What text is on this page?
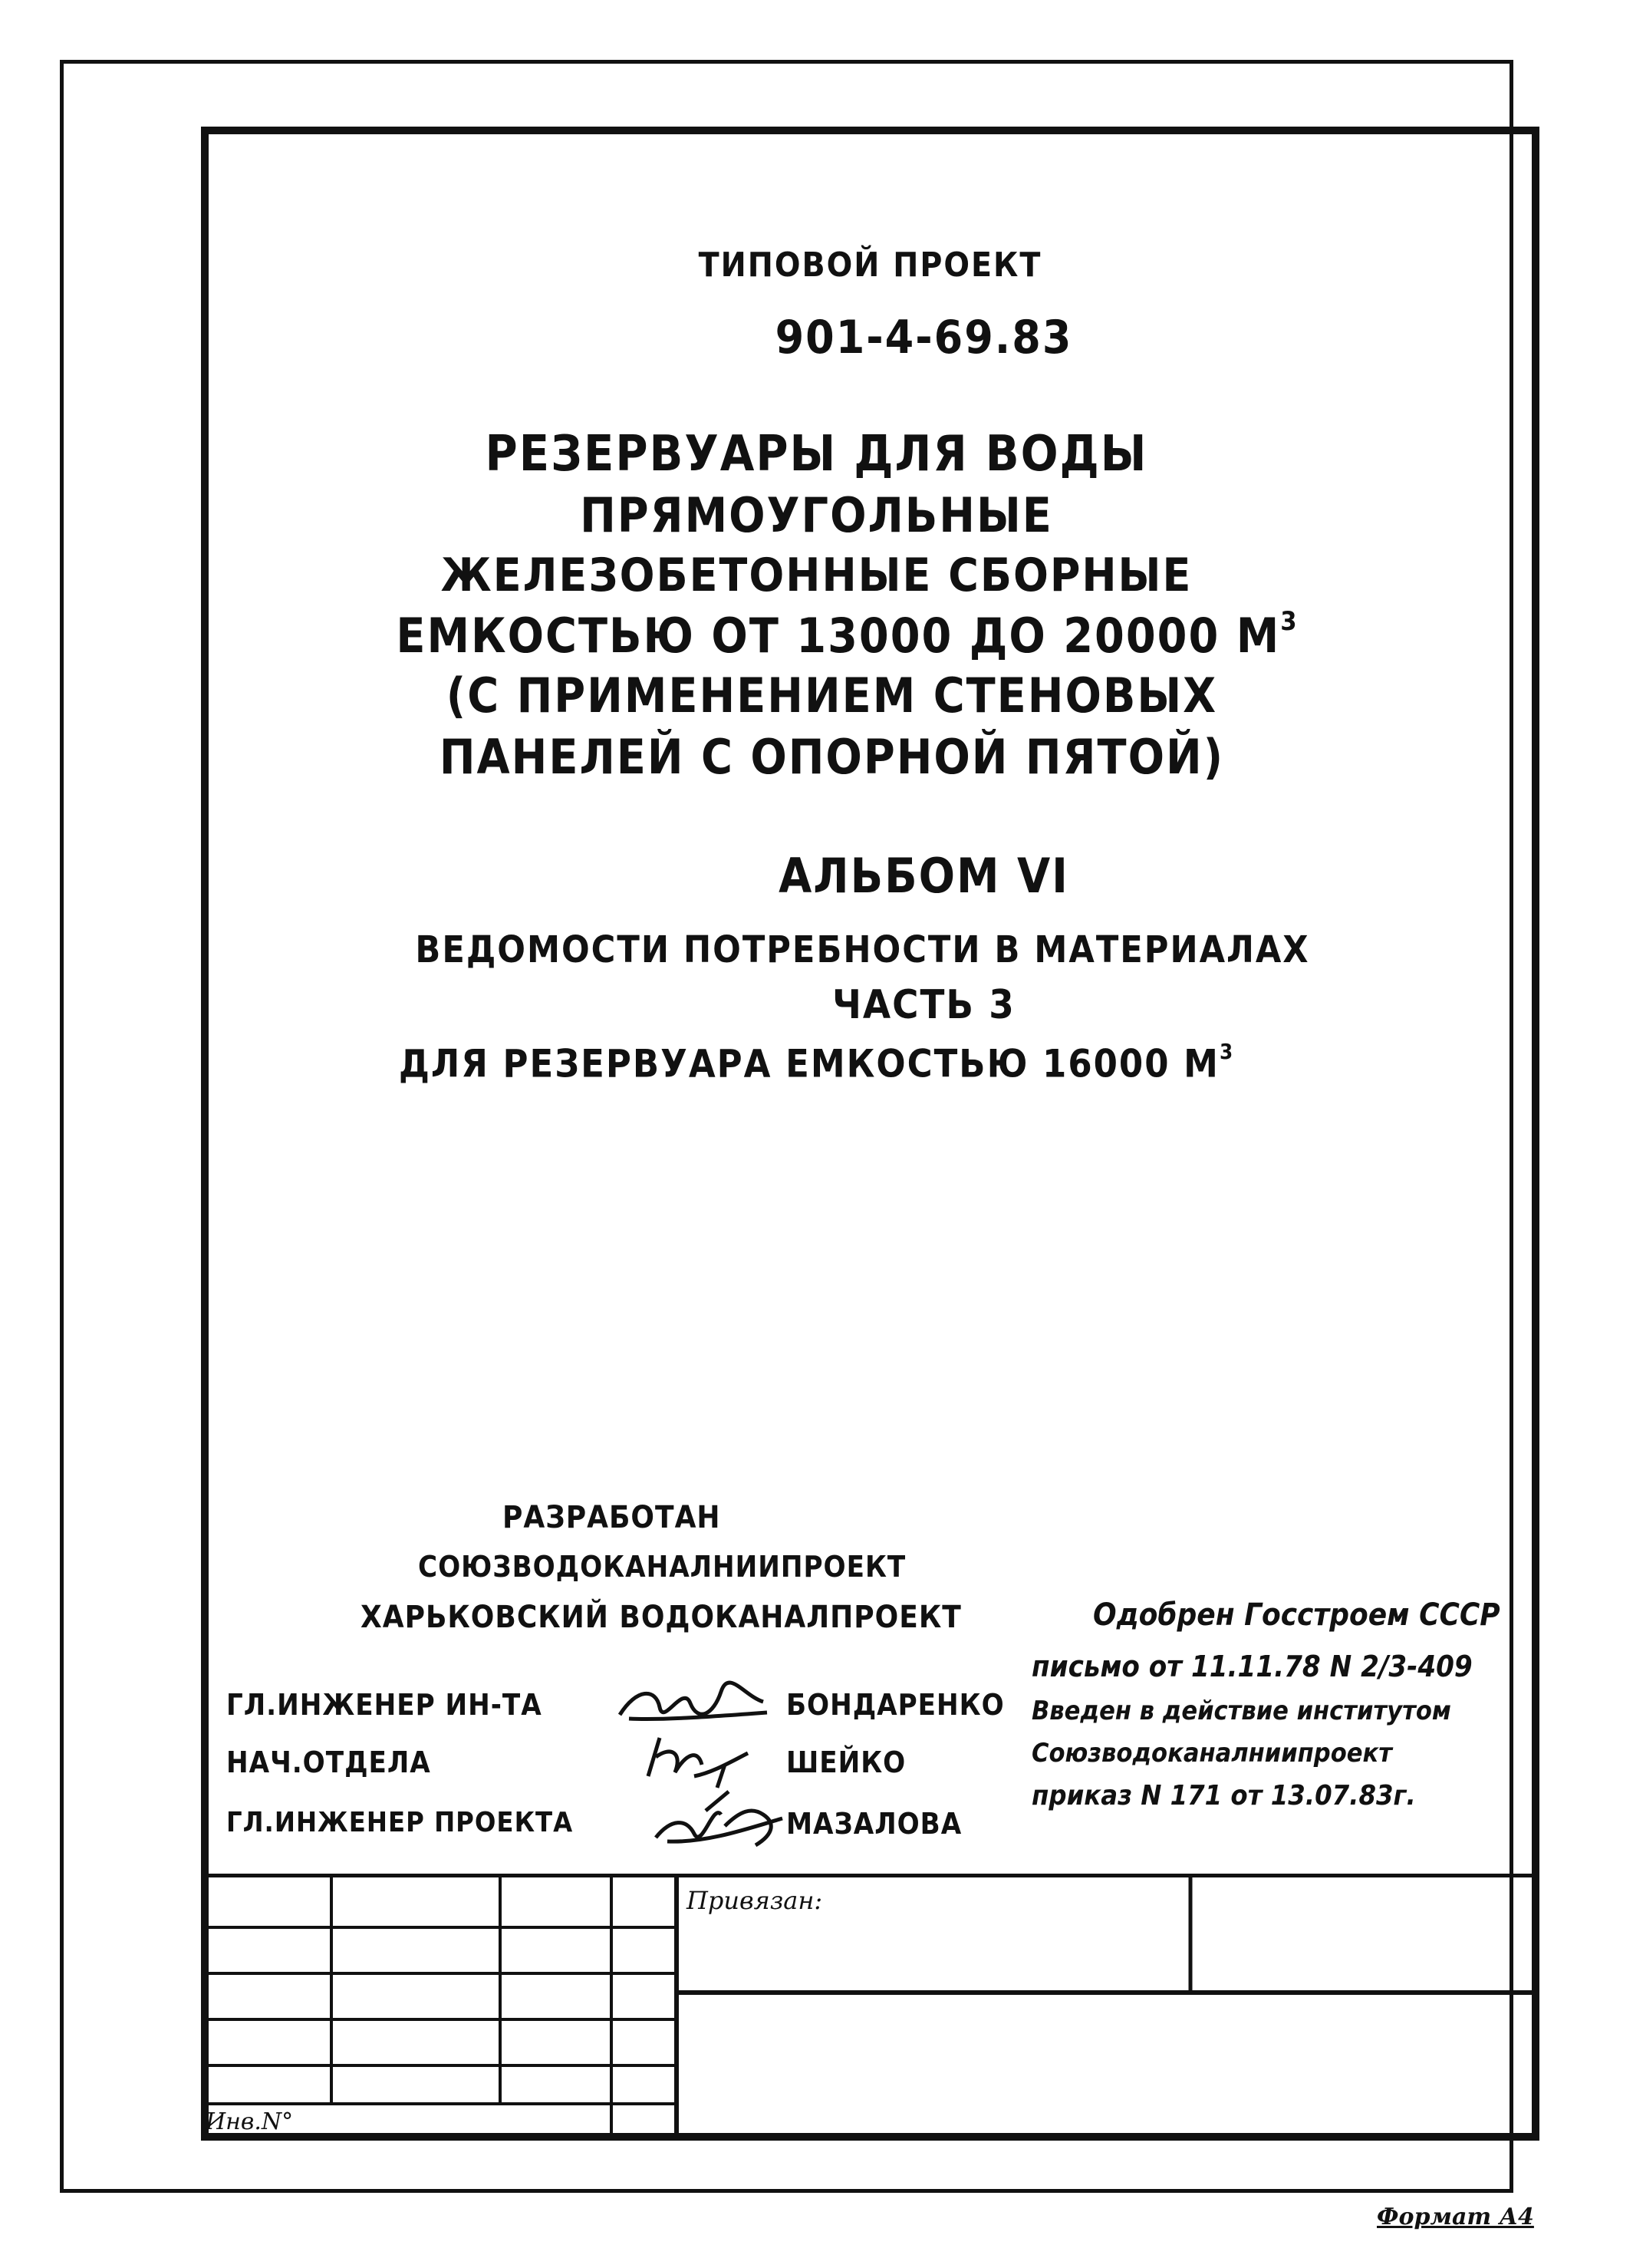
ТИПОВОЙ ПРОЕКТ
901-4-69.83
РЕЗЕРВУАРЫ ДЛЯ ВОДЫ
ПРЯМОУГОЛЬНЫЕ
ЖЕЛЕЗОБЕТОННЫЕ СБОРНЫЕ
ЕМКОСТЬЮ ОТ 13000 ДО 20000 $М^3$
(С ПРИМЕНЕНИЕМ СТЕНОВЫХ
ПАНЕЛЕЙ С ОПОРНОЙ ПЯТОЙ)
АЛЬБОМ VI
ВЕДОМОСТИ ПОТРЕБНОСТИ В МАТЕРИАЛАХ
ЧАСТЬ 3
ДЛЯ РЕЗЕРВУАРА ЕМКОСТЬЮ 16000 $М^3$
РАЗРАБОТАН
СОЮЗВОДОКАНАЛНИИПРОЕКТ
ХАРЬКОВСКИЙ ВОДОКАНАЛПРОЕКТ
ГЛ.ИНЖЕНЕР ИН-ТА	БОНДАРЕНКО
НАЧ.ОТДЕЛА	ШЕЙКО
ГЛ.ИНЖЕНЕР ПРОЕКТА	МАЗАЛОВА
Одобрен Госстроем СССР
письмо от 11.11.78 N 2/3-409
Введен в действие институтом
Союзводоканалниипроект
приказ N 171 от 13.07.83г.
Привязан:
Инв.N°
Формат А4
